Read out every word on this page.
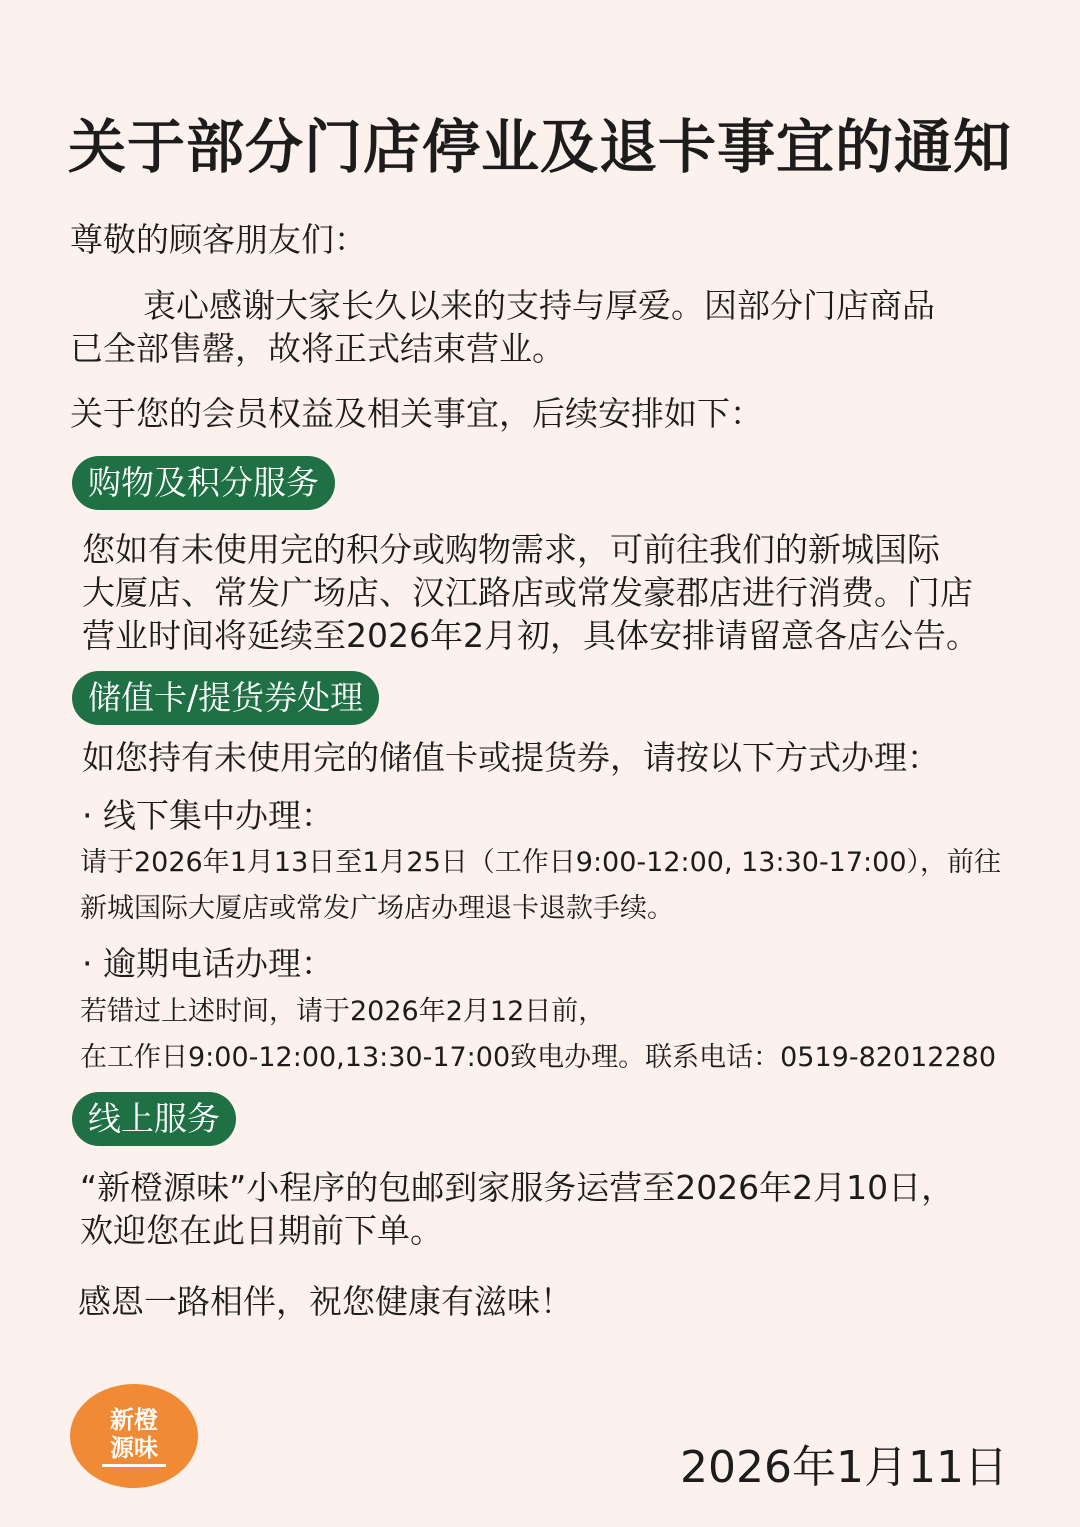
关于部分门店停业及退卡事宜的通知
尊敬的顾客朋友们：
衷心感谢大家长久以来的支持与厚爱。因部分门店商品
已全部售罄，故将正式结束营业。
关于您的会员权益及相关事宜，后续安排如下：
购物及积分服务
您如有未使用完的积分或购物需求，可前往我们的新城国际
大厦店、常发广场店、汉江路店或常发豪郡店进行消费。门店
营业时间将延续至2026年2月初，具体安排请留意各店公告。
储值卡/提货券处理
如您持有未使用完的储值卡或提货券，请按以下方式办理：
· 线下集中办理：
请于2026年1月13日至1月25日（工作日9:00-12:00, 13:30-17:00），前往
新城国际大厦店或常发广场店办理退卡退款手续。
· 逾期电话办理：
若错过上述时间，请于2026年2月12日前，
在工作日9:00-12:00,13:30-17:00致电办理。联系电话：0519-82012280
线上服务
“新橙源味”小程序的包邮到家服务运营至2026年2月10日，
欢迎您在此日期前下单。
感恩一路相伴，祝您健康有滋味！
新橙
源味	2026年1月11日
